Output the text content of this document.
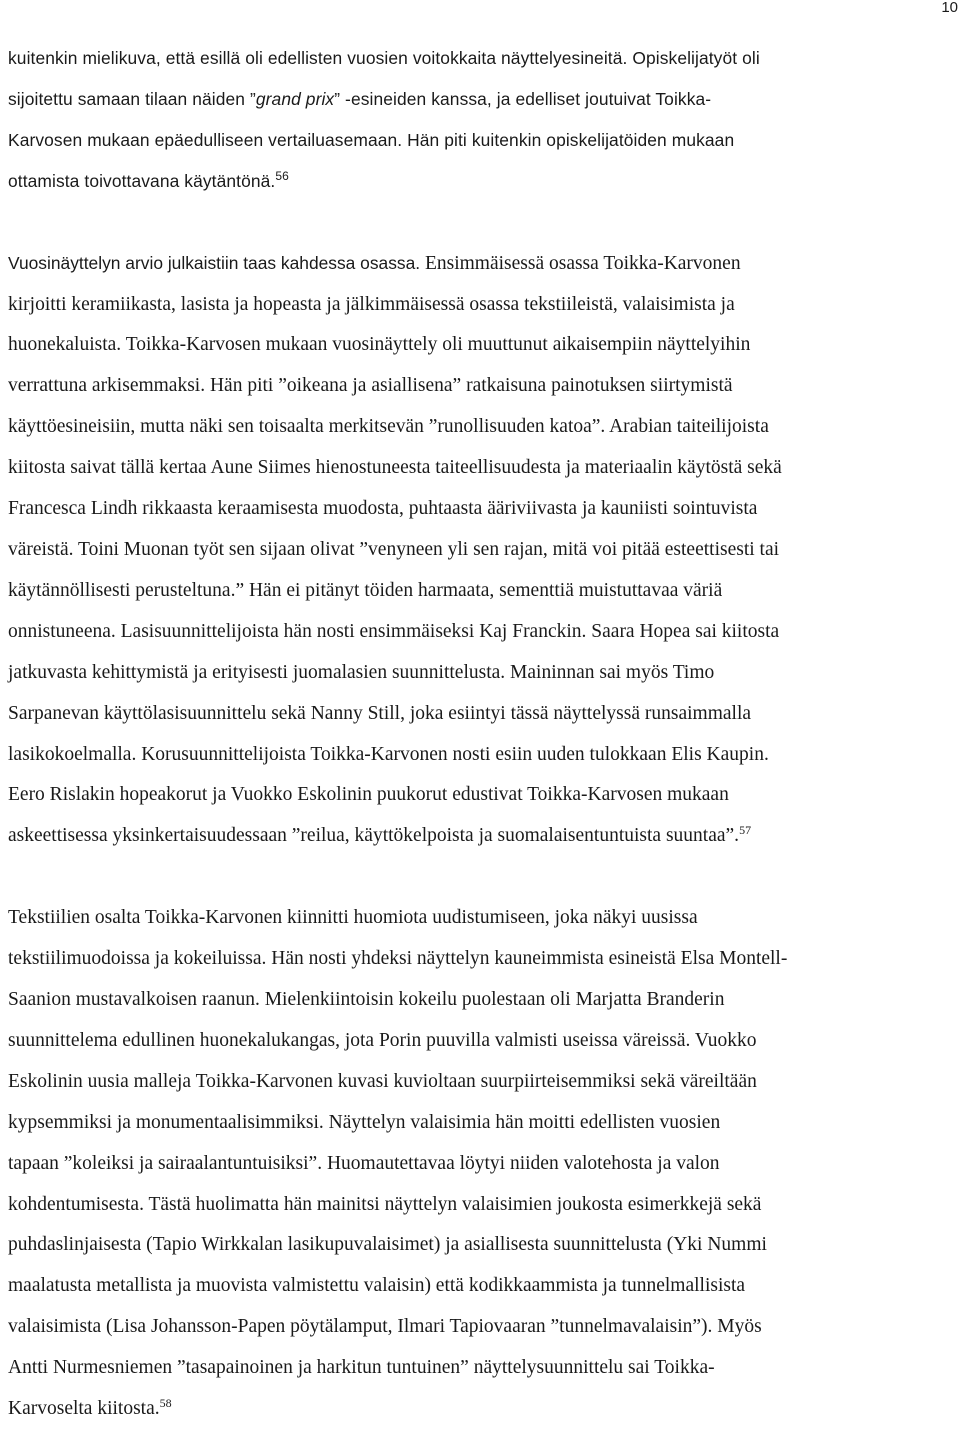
10

kuitenkin mielikuva, että esillä oli edellisten vuosien voitokkaita näyttelyesineitä. Opiskelijatyöt oli
sijoitettu samaan tilaan näiden ”grand prix” -esineiden kanssa, ja edelliset joutuivat Toikka-
Karvosen mukaan epäedulliseen vertailuasemaan. Hän piti kuitenkin opiskelijatöiden mukaan
ottamista toivottavana käytäntönä.$^{56}$

Vuosinäyttelyn arvio julkaistiin taas kahdessa osassa. Ensimmäisessä osassa Toikka-Karvonen
kirjoitti keramiikasta, lasista ja hopeasta ja jälkimmäisessä osassa tekstiileistä, valaisimista ja
huonekaluista. Toikka-Karvosen mukaan vuosinäyttely oli muuttunut aikaisempiin näyttelyihin
verrattuna arkisemmaksi. Hän piti ”oikeana ja asiallisena” ratkaisuna painotuksen siirtymistä
käyttöesineisiin, mutta näki sen toisaalta merkitsevän ”runollisuuden katoa”. Arabian taiteilijoista
kiitosta saivat tällä kertaa Aune Siimes hienostuneesta taiteellisuudesta ja materiaalin käytöstä sekä
Francesca Lindh rikkaasta keraamisesta muodosta, puhtaasta ääriviivasta ja kauniisti sointuvista
väreistä. Toini Muonan työt sen sijaan olivat ”venyneen yli sen rajan, mitä voi pitää esteettisesti tai
käytännöllisesti perusteltuna.” Hän ei pitänyt töiden harmaata, sementtiä muistuttavaa väriä
onnistuneena. Lasisuunnittelijoista hän nosti ensimmäiseksi Kaj Franckin. Saara Hopea sai kiitosta
jatkuvasta kehittymistä ja erityisesti juomalasien suunnittelusta. Maininnan sai myös Timo
Sarpanevan käyttölasisuunnittelu sekä Nanny Still, joka esiintyi tässä näyttelyssä runsaimmalla
lasikokoelmalla. Korusuunnittelijoista Toikka-Karvonen nosti esiin uuden tulokkaan Elis Kaupin.
Eero Rislakin hopeakorut ja Vuokko Eskolinin puukorut edustivat Toikka-Karvosen mukaan
askeettisessa yksinkertaisuudessaan ”reilua, käyttökelpoista ja suomalaisentuntuista suuntaa”.$^{57}$

Tekstiilien osalta Toikka-Karvonen kiinnitti huomiota uudistumiseen, joka näkyi uusissa
tekstiilimuodoissa ja kokeiluissa. Hän nosti yhdeksi näyttelyn kauneimmista esineistä Elsa Montell-
Saanion mustavalkoisen raanun. Mielenkiintoisin kokeilu puolestaan oli Marjatta Branderin
suunnittelema edullinen huonekalukangas, jota Porin puuvilla valmisti useissa väreissä. Vuokko
Eskolinin uusia malleja Toikka-Karvonen kuvasi kuvioltaan suurpiirteisemmiksi sekä väreiltään
kypsemmiksi ja monumentaalisimmiksi. Näyttelyn valaisimia hän moitti edellisten vuosien
tapaan ”koleiksi ja sairaalantuntuisiksi”. Huomautettavaa löytyi niiden valotehosta ja valon
kohdentumisesta. Tästä huolimatta hän mainitsi näyttelyn valaisimien joukosta esimerkkejä sekä
puhdaslinjaisesta (Tapio Wirkkalan lasikupuvalaisimet) ja asiallisesta suunnittelusta (Yki Nummi
maalatusta metallista ja muovista valmistettu valaisin) että kodikkaammista ja tunnelmallisista
valaisimista (Lisa Johansson-Papen pöytälamput, Ilmari Tapiovaaran ”tunnelmavalaisin”). Myös
Antti Nurmesniemen ”tasapainoinen ja harkitun tuntuinen” näyttelysuunnittelu sai Toikka-
Karvoselta kiitosta.$^{58}$
